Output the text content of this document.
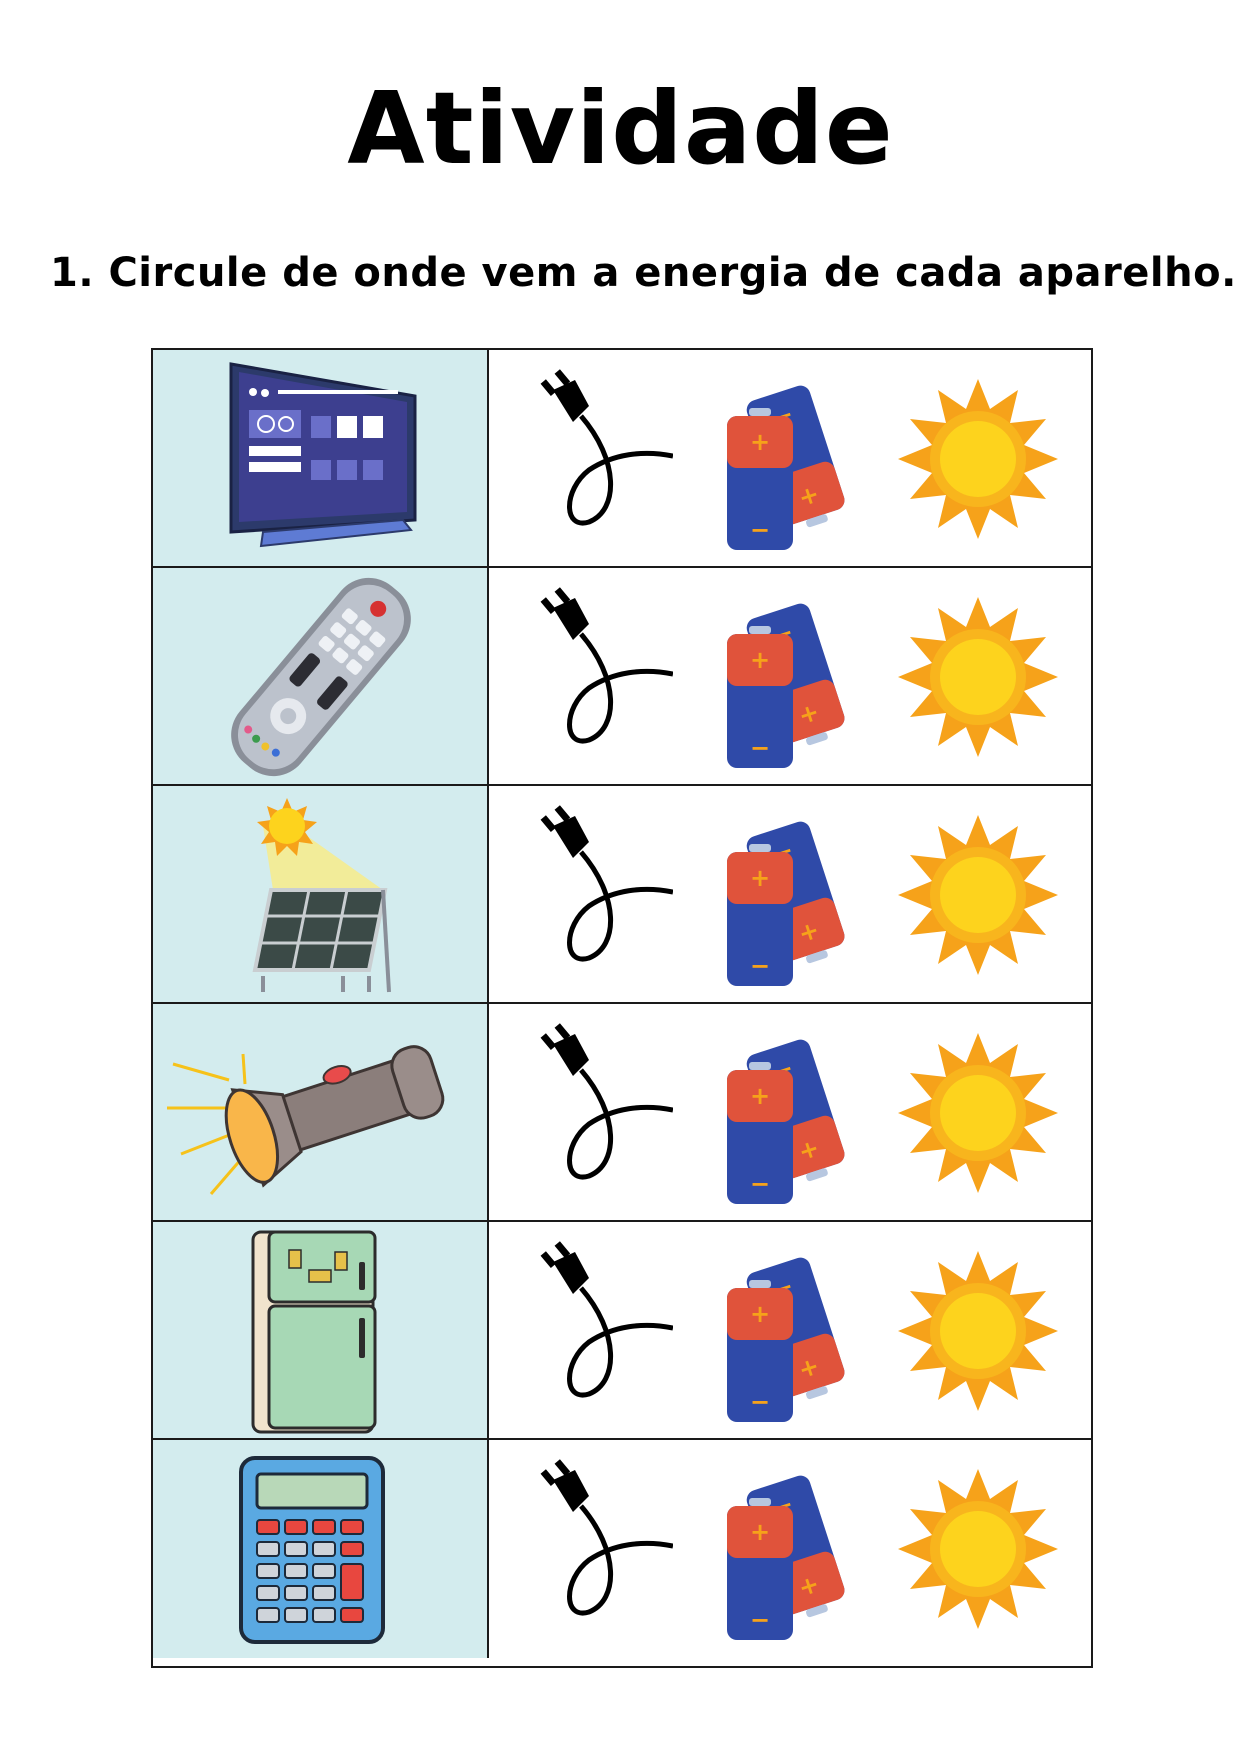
Atividade
1. Circule de onde vem a energia de cada aparelho.
+
+
−
+
+
−
+
+
−
+
+
−
+
+
−
+
+
−
